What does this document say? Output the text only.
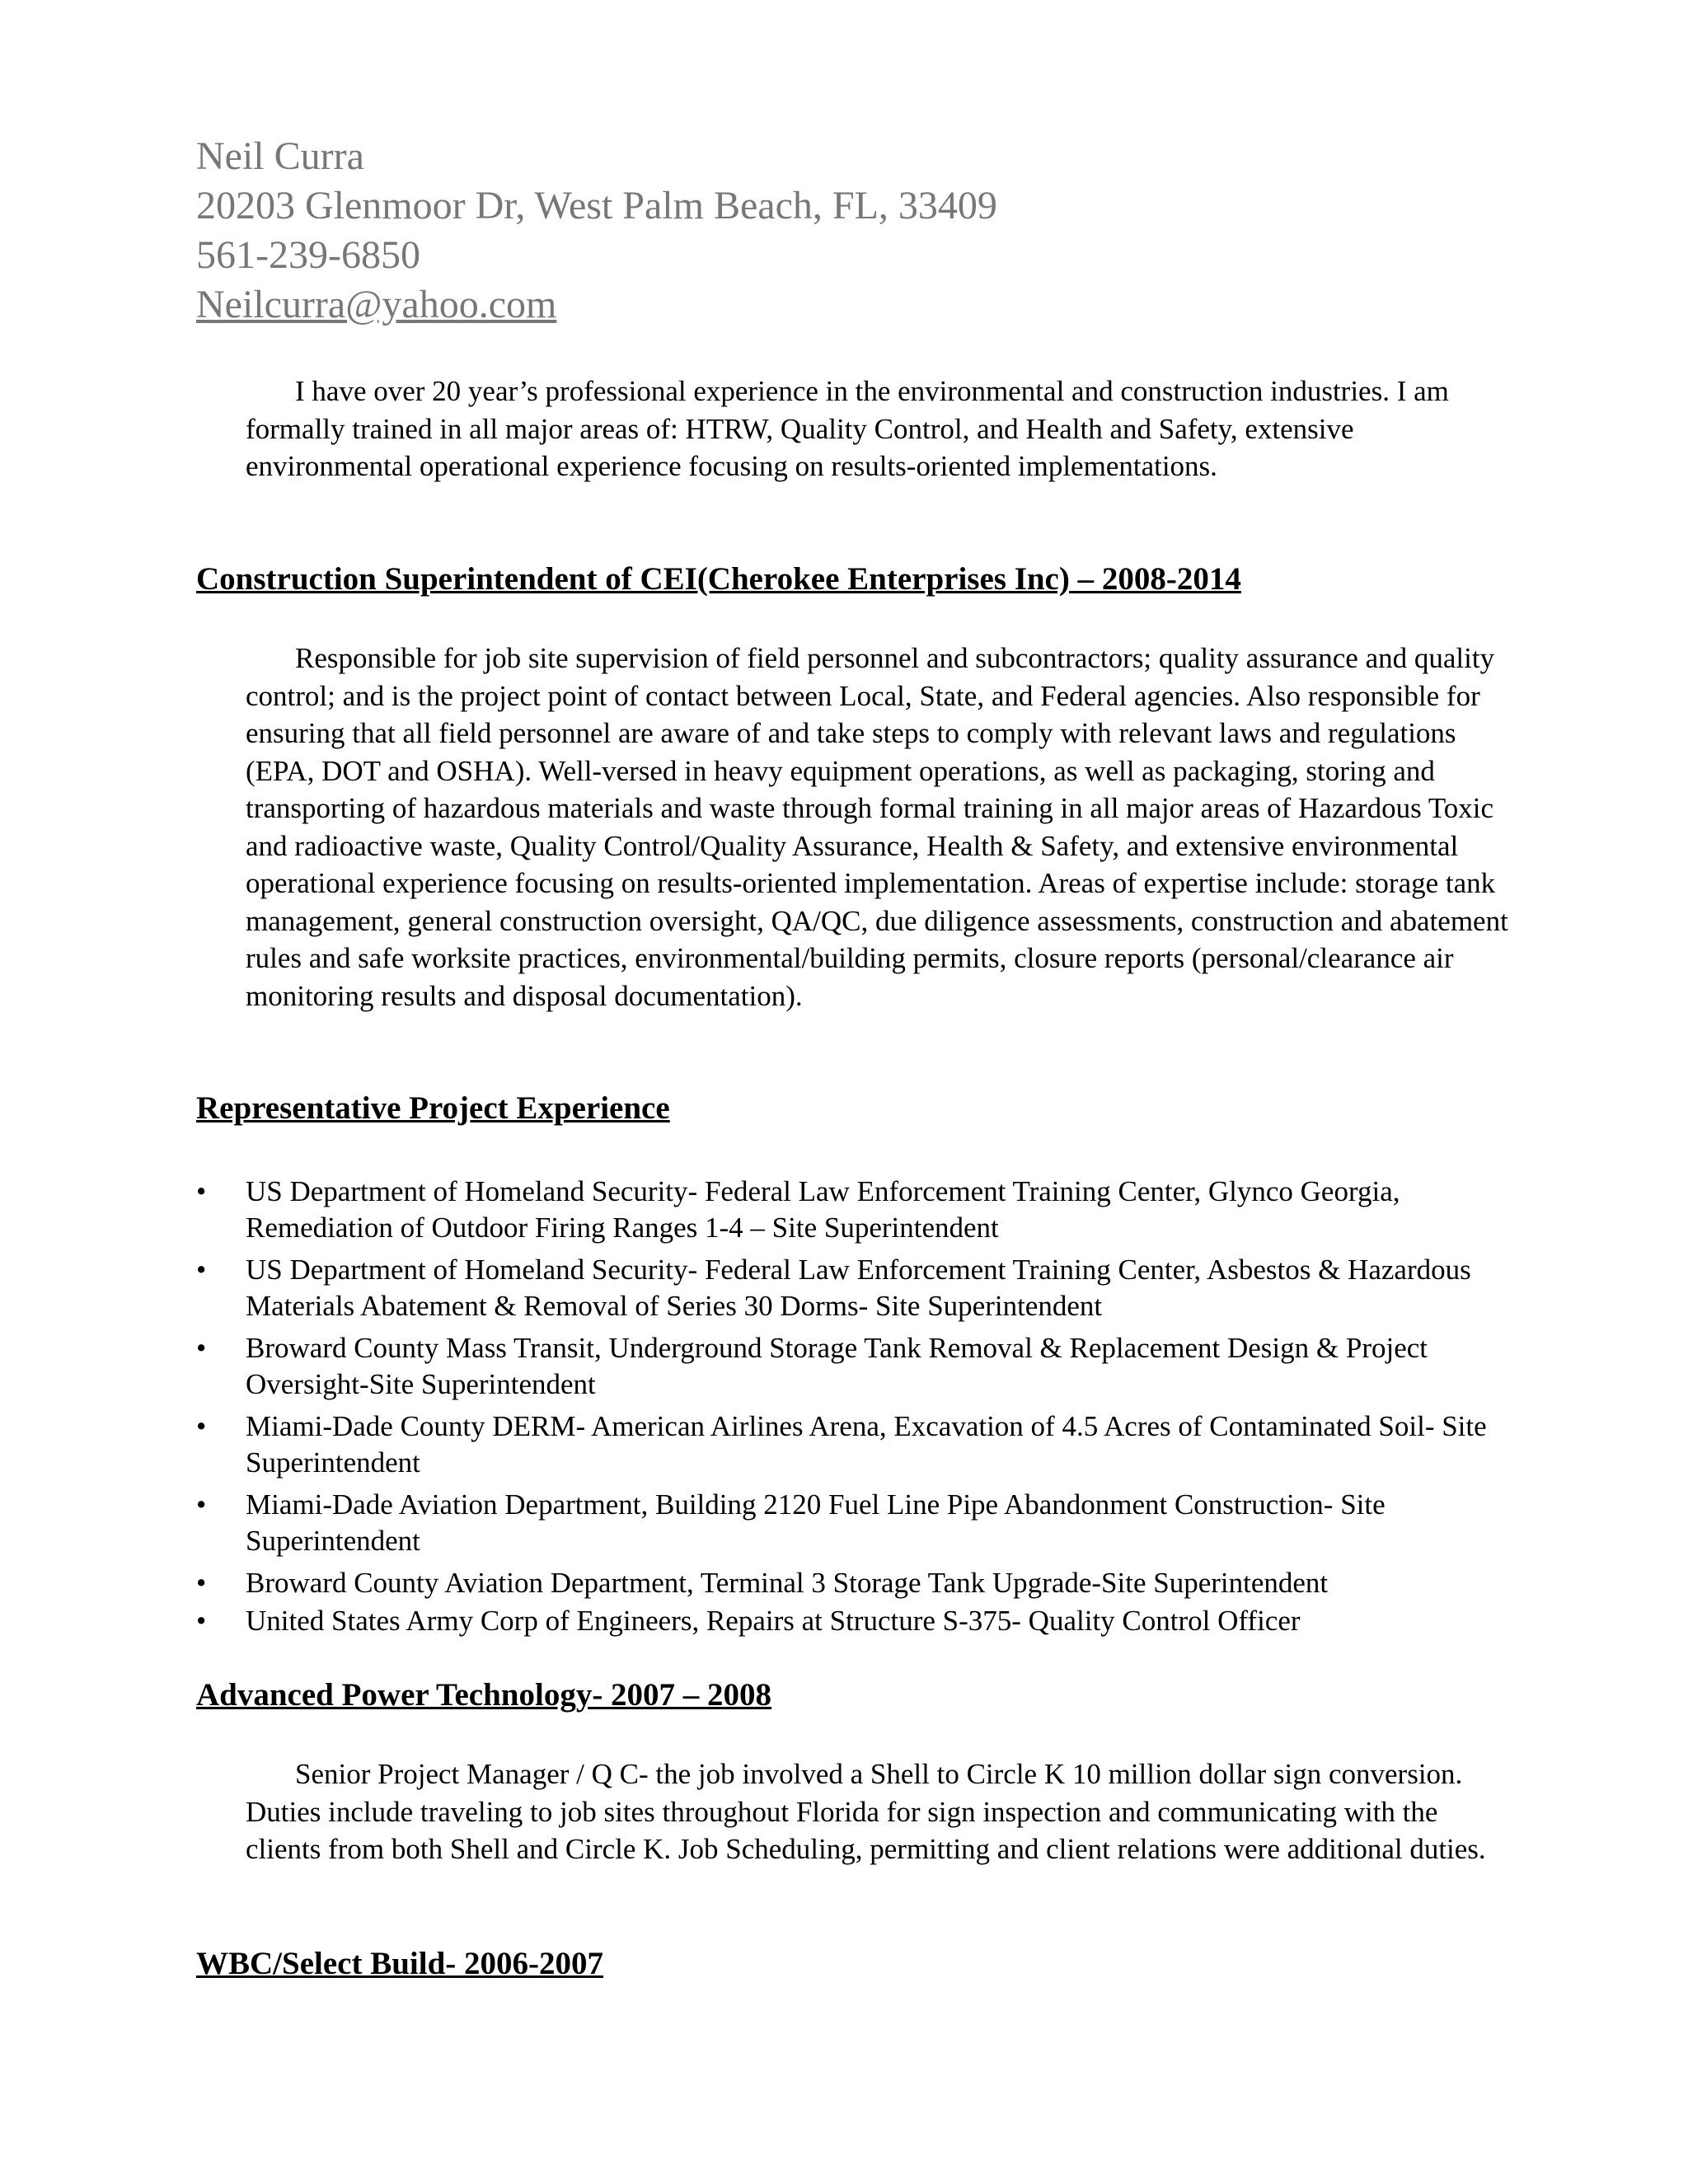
Neil Curra
20203 Glenmoor Dr, West Palm Beach, FL, 33409
561-239-6850
Neilcurra@yahoo.com

I have over 20 year’s professional experience in the environmental and construction industries. I am formally trained in all major areas of: HTRW, Quality Control, and Health and Safety, extensive environmental operational experience focusing on results-oriented implementations.

Construction Superintendent of CEI(Cherokee Enterprises Inc) – 2008-2014

Responsible for job site supervision of field personnel and subcontractors; quality assurance and quality control; and is the project point of contact between Local, State, and Federal agencies. Also responsible for ensuring that all field personnel are aware of and take steps to comply with relevant laws and regulations (EPA, DOT and OSHA). Well-versed in heavy equipment operations, as well as packaging, storing and transporting of hazardous materials and waste through formal training in all major areas of Hazardous Toxic and radioactive waste, Quality Control/Quality Assurance, Health & Safety, and extensive environmental operational experience focusing on results-oriented implementation. Areas of expertise include: storage tank management, general construction oversight, QA/QC, due diligence assessments, construction and abatement rules and safe worksite practices, environmental/building permits, closure reports (personal/clearance air monitoring results and disposal documentation).

Representative Project Experience
• US Department of Homeland Security- Federal Law Enforcement Training Center, Glynco Georgia, Remediation of Outdoor Firing Ranges 1-4 – Site Superintendent
• US Department of Homeland Security- Federal Law Enforcement Training Center, Asbestos & Hazardous Materials Abatement & Removal of Series 30 Dorms- Site Superintendent
• Broward County Mass Transit, Underground Storage Tank Removal & Replacement Design & Project Oversight-Site Superintendent
• Miami-Dade County DERM- American Airlines Arena, Excavation of 4.5 Acres of Contaminated Soil- Site Superintendent
• Miami-Dade Aviation Department, Building 2120 Fuel Line Pipe Abandonment Construction- Site Superintendent
• Broward County Aviation Department, Terminal 3 Storage Tank Upgrade-Site Superintendent
• United States Army Corp of Engineers, Repairs at Structure S-375- Quality Control Officer
Advanced Power Technology- 2007 – 2008

Senior Project Manager / Q C- the job involved a Shell to Circle K 10 million dollar sign conversion. Duties include traveling to job sites throughout Florida for sign inspection and communicating with the clients from both Shell and Circle K. Job Scheduling, permitting and client relations were additional duties.

WBC/Select Build- 2006-2007
